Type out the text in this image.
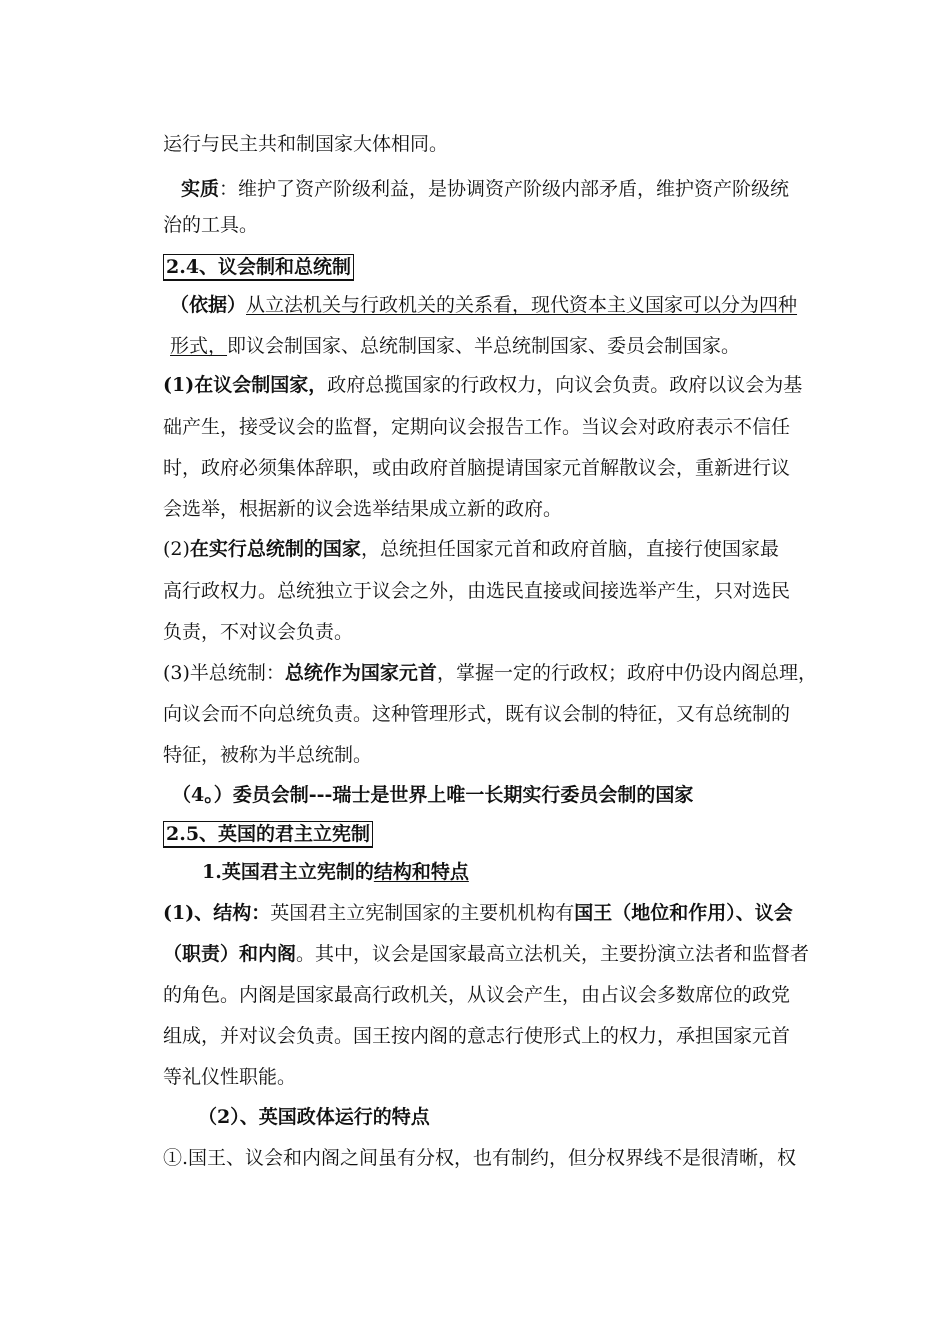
运行与民主共和制国家大体相同。
实质：维护了资产阶级利益，是协调资产阶级内部矛盾，维护资产阶级统
治的工具。
2.4、议会制和总统制
（依据）从立法机关与行政机关的关系看，现代资本主义国家可以分为四种
形式，即议会制国家、总统制国家、半总统制国家、委员会制国家。
(1)在议会制国家，政府总揽国家的行政权力，向议会负责。政府以议会为基
础产生，接受议会的监督，定期向议会报告工作。当议会对政府表示不信任
时，政府必须集体辞职，或由政府首脑提请国家元首解散议会，重新进行议
会选举，根据新的议会选举结果成立新的政府。
(2)在实行总统制的国家，总统担任国家元首和政府首脑，直接行使国家最
高行政权力。总统独立于议会之外，由选民直接或间接选举产生，只对选民
负责，不对议会负责。
(3)半总统制：总统作为国家元首，掌握一定的行政权；政府中仍设内阁总理，
向议会而不向总统负责。这种管理形式，既有议会制的特征，又有总统制的
特征，被称为半总统制。
（4。）委员会制---瑞士是世界上唯一长期实行委员会制的国家
2.5、英国的君主立宪制
1.英国君主立宪制的结构和特点
(1)、结构：英国君主立宪制国家的主要机机构有国王（地位和作用）、议会
（职责）和内阁。其中，议会是国家最高立法机关，主要扮演立法者和监督者
的角色。内阁是国家最高行政机关，从议会产生，由占议会多数席位的政党
组成，并对议会负责。国王按内阁的意志行使形式上的权力，承担国家元首
等礼仪性职能。
（2）、英国政体运行的特点
①.国王、议会和内阁之间虽有分权，也有制约，但分权界线不是很清晰，权
